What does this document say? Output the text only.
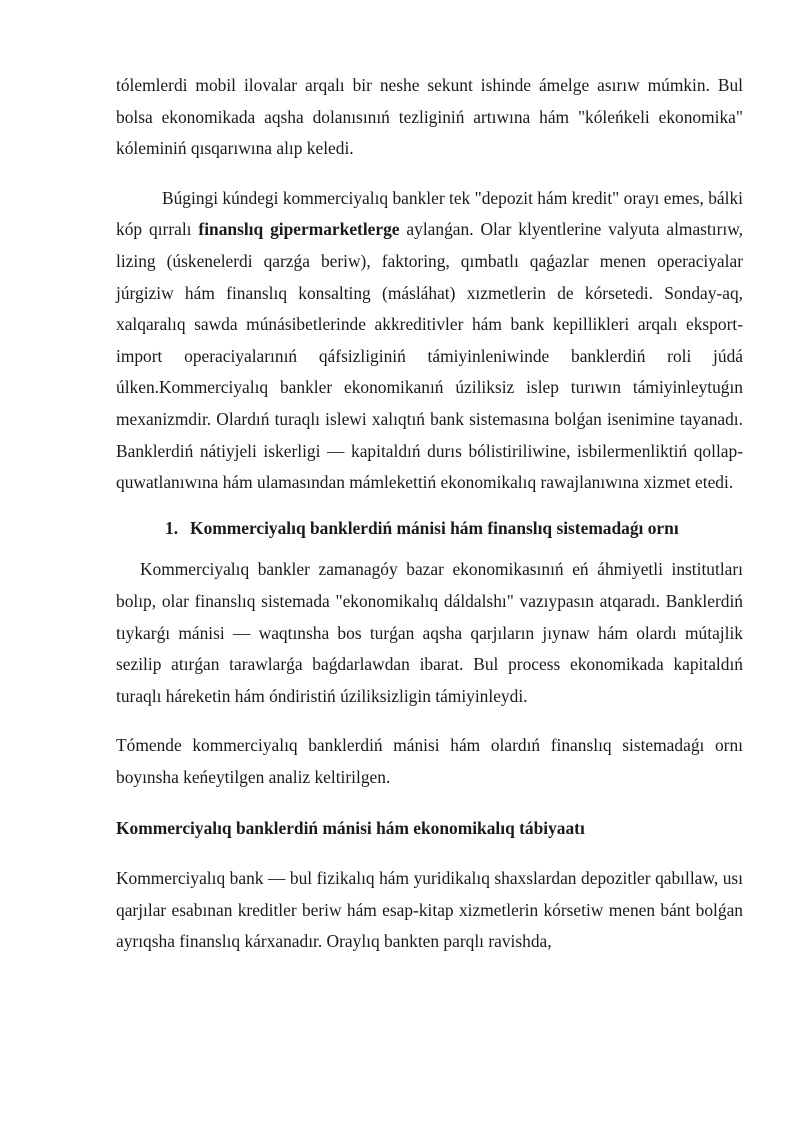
tólemlerdi mobil ilovalar arqalı bir neshe sekunt ishinde ámelge asırıw múmkin. Bul bolsa ekonomikada aqsha dolanısınıń tezliginiń artıwına hám "kóleńkeli ekonomika" kóleminiń qısqarıwına alıp keledi.

Búgingi kúndegi kommerciyalıq bankler tek "depozit hám kredit" orayı emes, bálki kóp qırralı finanslıq gipermarketlerge aylanǵan. Olar klyentlerine valyuta almastırıw, lizing (úskenelerdi qarzǵa beriw), faktoring, qımbatlı qaǵazlar menen operaciyalar júrgiziw hám finanslıq konsalting (másláhat) xızmetlerin de kórsetedi. Sonday-aq, xalqaralıq sawda múnásibetlerinde akkreditivler hám bank kepillikleri arqalı eksport-import operaciyalarınıń qáfsizliginiń támiyinleniwinde banklerdiń roli júdá úlken.Kommerciyalıq bankler ekonomikanıń úziliksiz islep turıwın támiyinleytuǵın mexanizmdir. Olardıń turaqlı islewi xalıqtıń bank sistemasına bolǵan isenimine tayanadı. Banklerdiń nátiyjeli iskerligi — kapitaldıń durıs bólistiriliwine, isbilermenliktiń qollap-quwatlanıwına hám ulamasından mámlekettiń ekonomikalıq rawajlanıwına xizmet etedi.

1. Kommerciyalıq banklerdiń mánisi hám finanslıq sistemadaǵı ornı

Kommerciyalıq bankler zamanagóy bazar ekonomikasınıń eń áhmiyetli institutları bolıp, olar finanslıq sistemada "ekonomikalıq dáldalshı" vazıypasın atqaradı. Banklerdiń tıykarǵı mánisi — waqtınsha bos turǵan aqsha qarjıların jıynaw hám olardı mútajlik sezilip atırǵan tarawlarǵa baǵdarlawdan ibarat. Bul process ekonomikada kapitaldıń turaqlı háreketin hám óndiristiń úziliksizligin támiyinleydi.

Tómende kommerciyalıq banklerdiń mánisi hám olardıń finanslıq sistemadaǵı ornı boyınsha keńeytilgen analiz keltirilgen.

Kommerciyalıq banklerdiń mánisi hám ekonomikalıq tábiyaatı

Kommerciyalıq bank — bul fizikalıq hám yuridikalıq shaxslardan depozitler qabıllaw, usı qarjılar esabınan kreditler beriw hám esap-kitap xizmetlerin kórsetiw menen bánt bolǵan ayrıqsha finanslıq kárxanadır. Oraylıq bankten parqlı ravishda,
